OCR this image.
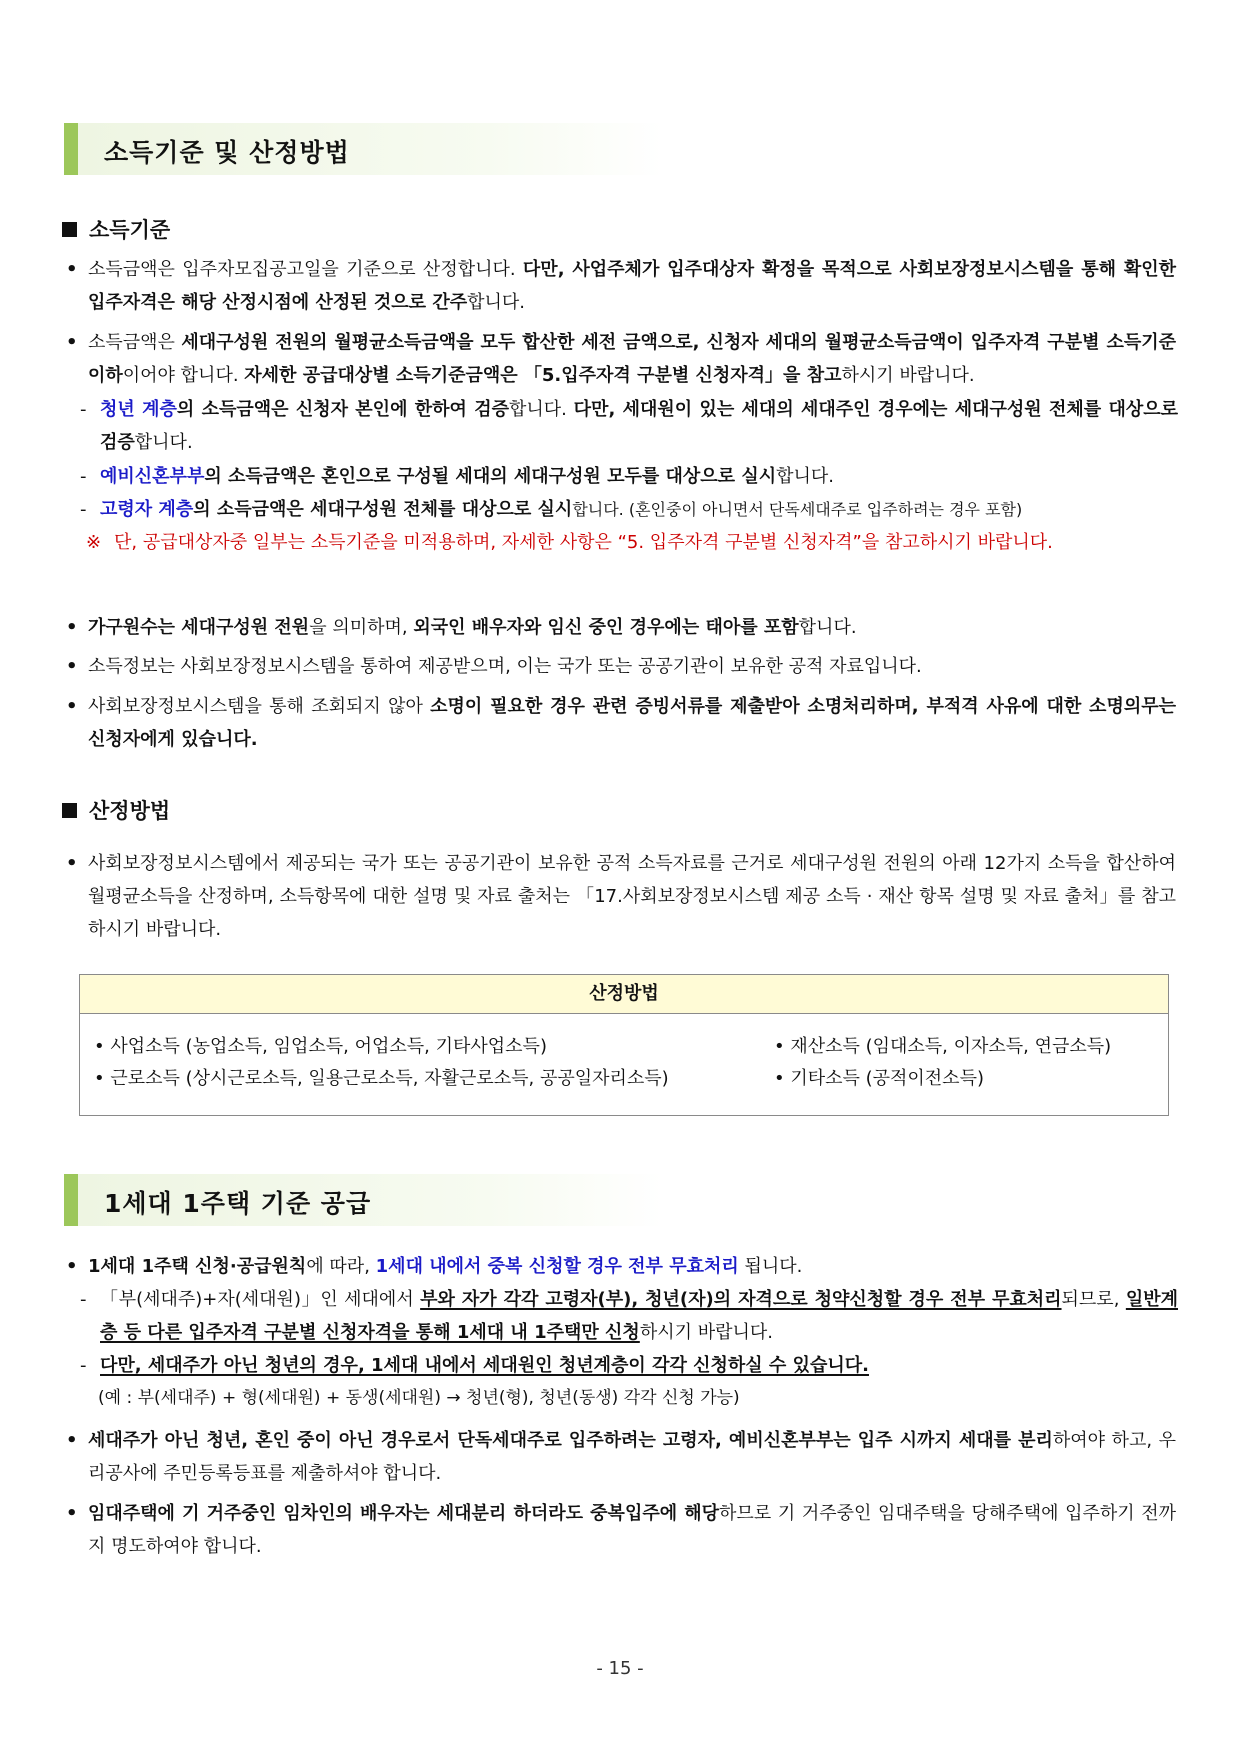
소득기준 및 산정방법
소득기준
• 소득금액은 입주자모집공고일을 기준으로 산정합니다. 다만, 사업주체가 입주대상자 확정을 목적으로 사회보장정보시스템을 통해 확인한 입주자격은 해당 산정시점에 산정된 것으로 간주합니다.
• 소득금액은 세대구성원 전원의 월평균소득금액을 모두 합산한 세전 금액으로, 신청자 세대의 월평균소득금액이 입주자격 구분별 소득기준 이하이어야 합니다. 자세한 공급대상별 소득기준금액은 「5.입주자격 구분별 신청자격」을 참고하시기 바랍니다.
- 청년 계층의 소득금액은 신청자 본인에 한하여 검증합니다. 다만, 세대원이 있는 세대의 세대주인 경우에는 세대구성원 전체를 대상으로 검증합니다.
- 예비신혼부부의 소득금액은 혼인으로 구성될 세대의 세대구성원 모두를 대상으로 실시합니다.
- 고령자 계층의 소득금액은 세대구성원 전체를 대상으로 실시합니다. (혼인중이 아니면서 단독세대주로 입주하려는 경우 포함)
※ 단, 공급대상자중 일부는 소득기준을 미적용하며, 자세한 사항은 “5. 입주자격 구분별 신청자격”을 참고하시기 바랍니다.
• 가구원수는 세대구성원 전원을 의미하며, 외국인 배우자와 임신 중인 경우에는 태아를 포함합니다.
• 소득정보는 사회보장정보시스템을 통하여 제공받으며, 이는 국가 또는 공공기관이 보유한 공적 자료입니다.
• 사회보장정보시스템을 통해 조회되지 않아 소명이 필요한 경우 관련 증빙서류를 제출받아 소명처리하며, 부적격 사유에 대한 소명의무는 신청자에게 있습니다.
산정방법
• 사회보장정보시스템에서 제공되는 국가 또는 공공기관이 보유한 공적 소득자료를 근거로 세대구성원 전원의 아래 12가지 소득을 합산하여 월평균소득을 산정하며, 소득항목에 대한 설명 및 자료 출처는 「17.사회보장정보시스템 제공 소득 · 재산 항목 설명 및 자료 출처」를 참고하시기 바랍니다.
산정방법
• 사업소득 (농업소득, 임업소득, 어업소득, 기타사업소득)
• 근로소득 (상시근로소득, 일용근로소득, 자활근로소득, 공공일자리소득)
• 재산소득 (임대소득, 이자소득, 연금소득)
• 기타소득 (공적이전소득)
1세대 1주택 기준 공급
• 1세대 1주택 신청·공급원칙에 따라, 1세대 내에서 중복 신청할 경우 전부 무효처리 됩니다.
- 「부(세대주)+자(세대원)」인 세대에서 부와 자가 각각 고령자(부), 청년(자)의 자격으로 청약신청할 경우 전부 무효처리되므로, 일반계층 등 다른 입주자격 구분별 신청자격을 통해 1세대 내 1주택만 신청하시기 바랍니다.
- 다만, 세대주가 아닌 청년의 경우, 1세대 내에서 세대원인 청년계층이 각각 신청하실 수 있습니다.
(예 : 부(세대주) + 형(세대원) + 동생(세대원) → 청년(형), 청년(동생) 각각 신청 가능)
• 세대주가 아닌 청년, 혼인 중이 아닌 경우로서 단독세대주로 입주하려는 고령자, 예비신혼부부는 입주 시까지 세대를 분리하여야 하고, 우리공사에 주민등록등표를 제출하셔야 합니다.
• 임대주택에 기 거주중인 임차인의 배우자는 세대분리 하더라도 중복입주에 해당하므로 기 거주중인 임대주택을 당해주택에 입주하기 전까지 명도하여야 합니다.
- 15 -
